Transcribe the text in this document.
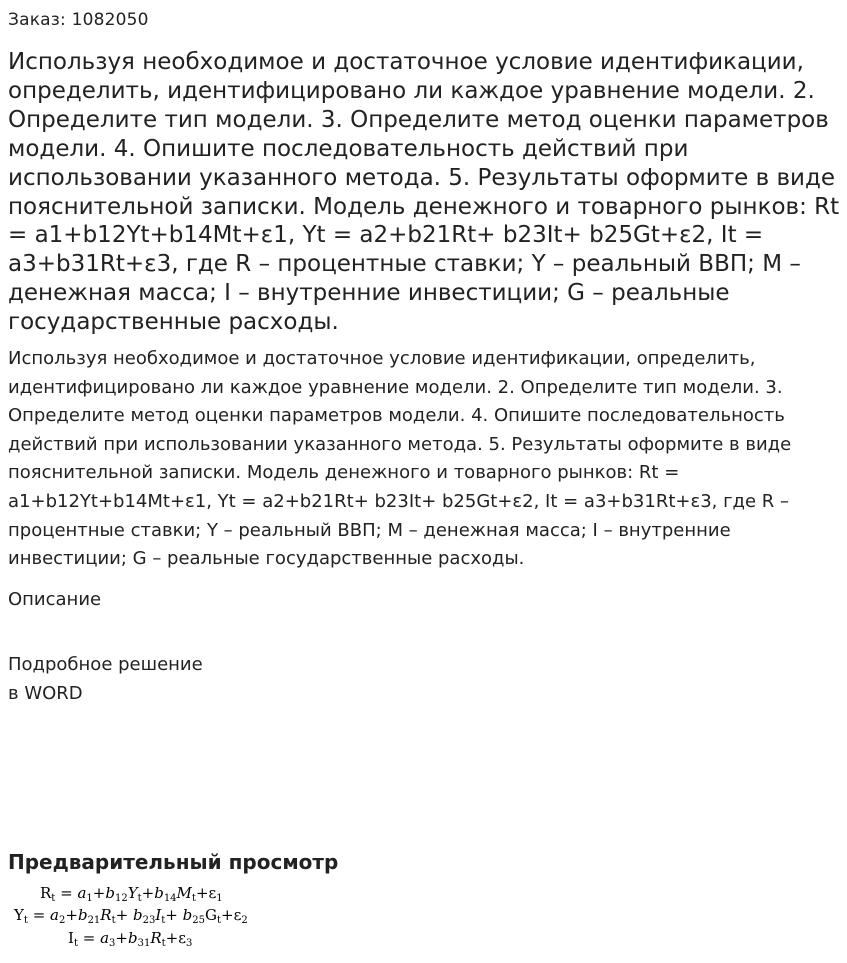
Заказ: 1082050
Используя необходимое и достаточное условие идентификации, определить, идентифицировано ли каждое уравнение модели. 2. Определите тип модели. 3. Определите метод оценки параметров модели. 4. Опишите последовательность действий при использовании указанного метода. 5. Результаты оформите в виде пояснительной записки. Модель денежного и товарного рынков: Rt = a1+b12Yt+b14Mt+ε1, Yt = a2+b21Rt+ b23It+ b25Gt+ε2, It = a3+b31Rt+ε3, где R – процентные ставки; Y – реальный ВВП; M – денежная масса; I – внутренние инвестиции; G – реальные государственные расходы.

Используя необходимое и достаточное условие идентификации, определить, идентифицировано ли каждое уравнение модели. 2. Определите тип модели. 3. Определите метод оценки параметров модели. 4. Опишите последовательность действий при использовании указанного метода. 5. Результаты оформите в виде пояснительной записки. Модель денежного и товарного рынков: Rt = a1+b12Yt+b14Mt+ε1, Yt = a2+b21Rt+ b23It+ b25Gt+ε2, It = a3+b31Rt+ε3, где R – процентные ставки; Y – реальный ВВП; M – денежная масса; I – внутренние инвестиции; G – реальные государственные расходы.

Описание
Подробное решение
в WORD
Предварительный просмотр
$R_t = a_1+b_{12}Y_t+b_{14}M_t+\varepsilon_1$
$Y_t = a_2+b_{21}R_t+ b_{23}I_t+ b_{25}G_t+\varepsilon_2$
$I_t = a_3+b_{31}R_t+\varepsilon_3$
